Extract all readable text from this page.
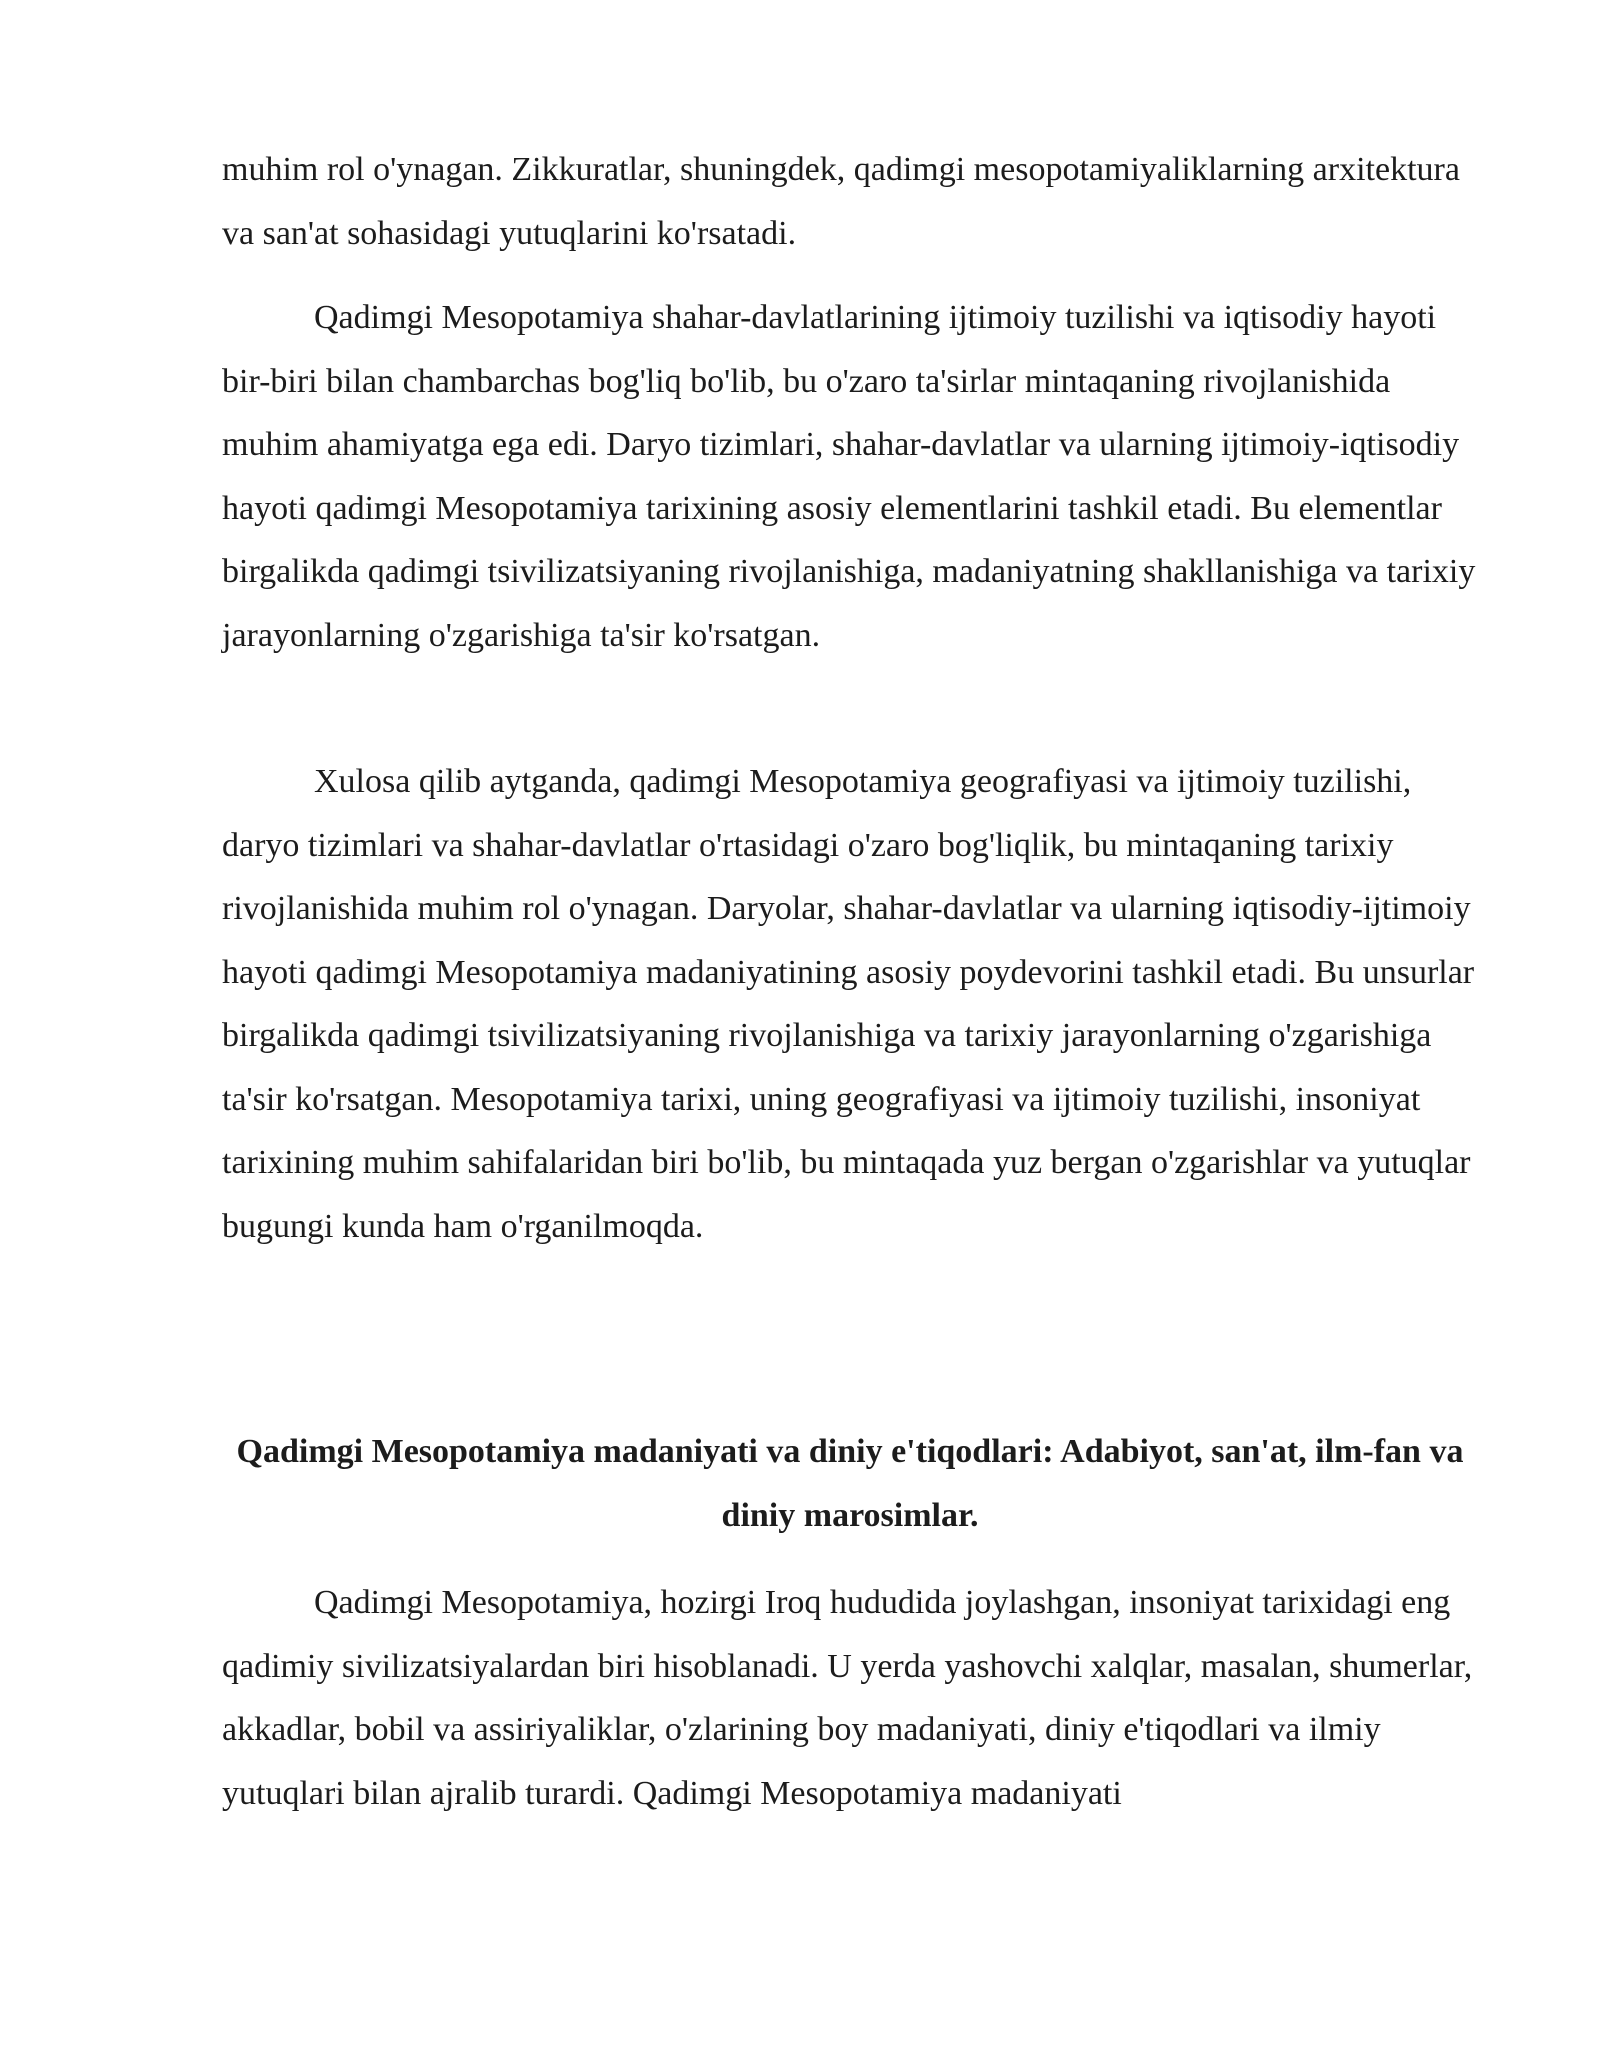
muhim rol o'ynagan. Zikkuratlar, shuningdek, qadimgi mesopotamiyaliklarning arxitektura va san'at sohasidagi yutuqlarini ko'rsatadi.

Qadimgi Mesopotamiya shahar-davlatlarining ijtimoiy tuzilishi va iqtisodiy hayoti bir-biri bilan chambarchas bog'liq bo'lib, bu o'zaro ta'sirlar mintaqaning rivojlanishida muhim ahamiyatga ega edi. Daryo tizimlari, shahar-davlatlar va ularning ijtimoiy-iqtisodiy hayoti qadimgi Mesopotamiya tarixining asosiy elementlarini tashkil etadi. Bu elementlar birgalikda qadimgi tsivilizatsiyaning rivojlanishiga, madaniyatning shakllanishiga va tarixiy jarayonlarning o'zgarishiga ta'sir ko'rsatgan.

Xulosa qilib aytganda, qadimgi Mesopotamiya geografiyasi va ijtimoiy tuzilishi, daryo tizimlari va shahar-davlatlar o'rtasidagi o'zaro bog'liqlik, bu mintaqaning tarixiy rivojlanishida muhim rol o'ynagan. Daryolar, shahar-davlatlar va ularning iqtisodiy-ijtimoiy hayoti qadimgi Mesopotamiya madaniyatining asosiy poydevorini tashkil etadi. Bu unsurlar birgalikda qadimgi tsivilizatsiyaning rivojlanishiga va tarixiy jarayonlarning o'zgarishiga ta'sir ko'rsatgan. Mesopotamiya tarixi, uning geografiyasi va ijtimoiy tuzilishi, insoniyat tarixining muhim sahifalaridan biri bo'lib, bu mintaqada yuz bergan o'zgarishlar va yutuqlar bugungi kunda ham o'rganilmoqda.

Qadimgi Mesopotamiya madaniyati va diniy e'tiqodlari: Adabiyot, san'at, ilm-fan va diniy marosimlar.

Qadimgi Mesopotamiya, hozirgi Iroq hududida joylashgan, insoniyat tarixidagi eng qadimiy sivilizatsiyalardan biri hisoblanadi. U yerda yashovchi xalqlar, masalan, shumerlar, akkadlar, bobil va assiriyaliklar, o'zlarining boy madaniyati, diniy e'tiqodlari va ilmiy yutuqlari bilan ajralib turardi. Qadimgi Mesopotamiya madaniyati
